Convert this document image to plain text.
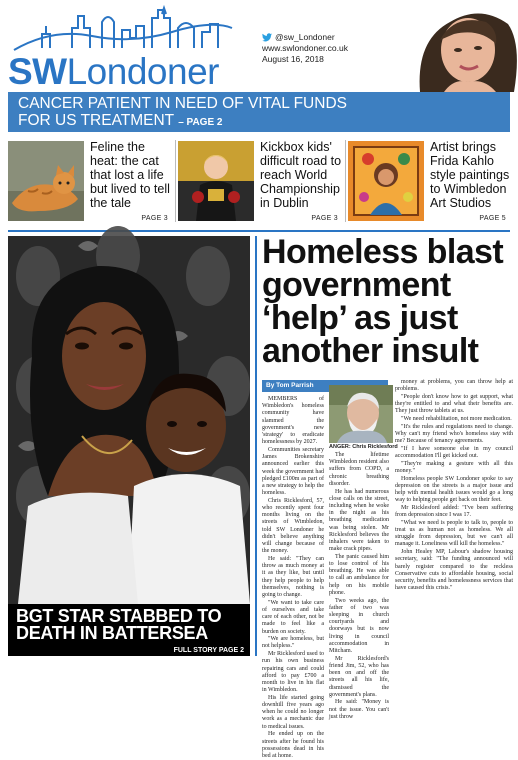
SWLondoner
@sw_Londoner
www.swlondoner.co.uk
August 16, 2018
CANCER PATIENT IN NEED OF VITAL FUNDS
FOR US TREATMENT – PAGE 2
Feline the heat: the cat that lost a life but lived to tell the tale
PAGE 3
Kickbox kids' difficult road to reach World Championship in Dublin
PAGE 3
Artist brings Frida Kahlo style paintings to Wimbledon Art Studios
PAGE 5
BGT STAR STABBED TO DEATH IN BATTERSEA
FULL STORY PAGE 2
Homeless blast government ‘help’ as just another insult
By Tom Parrish
ANGER: Chris Ricklesford

MEMBERS of Wimbledon's homeless community have slammed the government's new 'strategy' to eradicate homelessness by 2027.

Communities secretary James Brokenshire announced earlier this week the government had pledged £100m as part of a new strategy to help the homeless.

Chris Ricklesford, 57, who recently spent four months living on the streets of Wimbledon, told SW Londoner he didn't believe anything will change because of the money.

He said: "They can throw as much money at it as they like, but until they help people to help themselves, nothing is going to change.

"We want to take care of ourselves and take care of each other, not be made to feel like a burden on society.

"We are homeless, but not helpless."

Mr Ricklesford used to run his own business repairing cars and could afford to pay £700 a month to live in his flat in Wimbledon.

His life started going downhill five years ago when he could no longer work as a mechanic due to medical issues.

He ended up on the streets after he found his possessions dead in his bed at home.

The lifetime Wimbledon resident also suffers from COPD, a chronic breathing disorder.

He has had numerous close calls on the street, including when he woke in the night as his breathing medication was being stolen. Mr Ricklesford believes the inhalers were taken to make crack pipes.

The panic caused him to lose control of his breathing. He was able to call an ambulance for help on his mobile phone.

Two weeks ago, the father of two was sleeping in church courtyards and doorways but is now living in council accommodation in Mitcham.

Mr Ricklesford's friend Jim, 52, who has been on and off the streets all his life, dismissed the government's plans.

He said: "Money is not the issue. You can't just throw

money at problems, you can throw help at problems.

"People don't know how to get support, what they're entitled to and what their benefits are. They just throw tablets at us.

"We need rehabilitation, not more medication.

"It's the rules and regulations need to change. Why can't my friend who's homeless stay with me? Because of tenancy agreements.

"If I have someone else in my council accommodation I'll get kicked out.

"They're making a gesture with all this money."

Homeless people SW Londoner spoke to say depression on the streets is a major issue and help with mental health issues would go a long way to helping people get back on their feet.

Mr Ricklesford added: "I've been suffering from depression since I was 17.

"What we need is people to talk to, people to treat us as human not as homeless. We all struggle from depression, but we can't all manage it. Loneliness will kill the homeless."

John Healey MP, Labour's shadow housing secretary, said: "The funding announced will barely register compared to the reckless Conservative cuts to affordable housing, social security, benefits and homelessness services that have caused this crisis."
